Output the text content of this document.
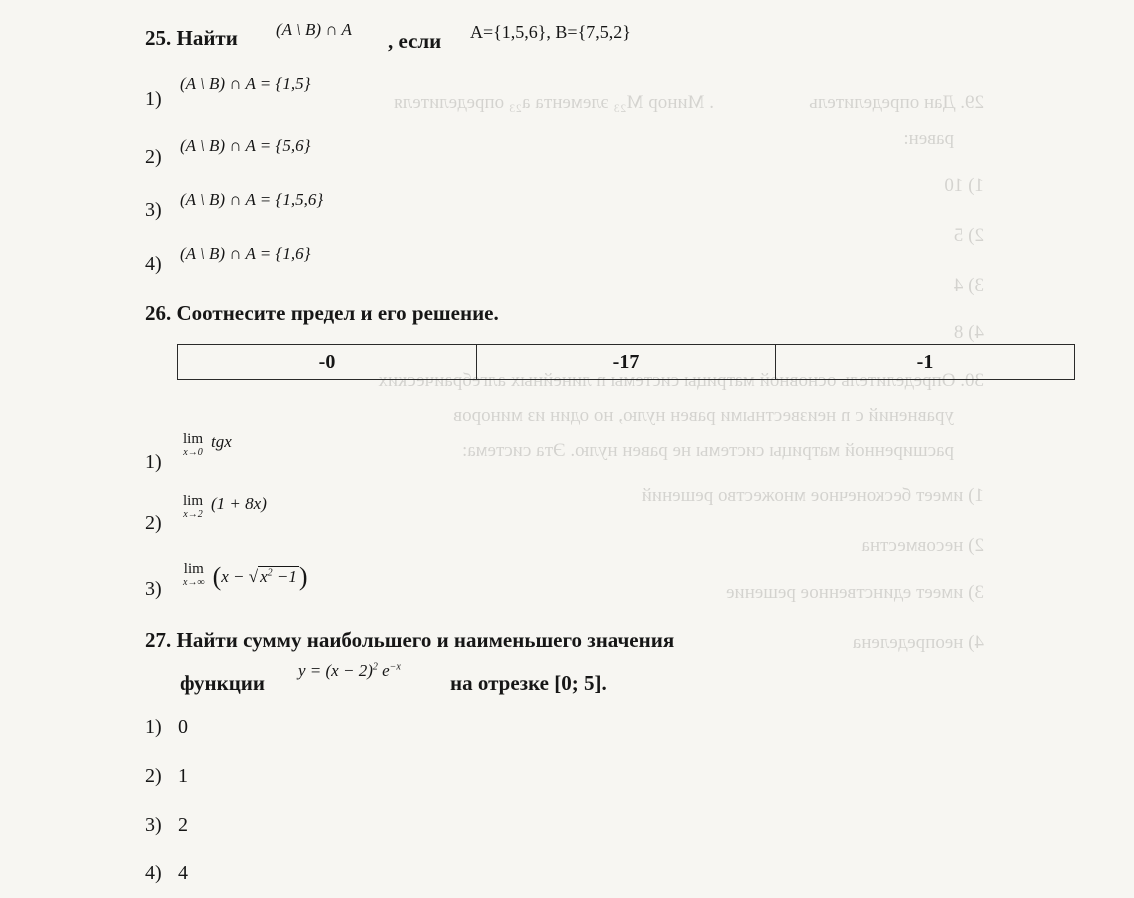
29. Дан определитель
. Минор М₂₃ элемента а₂₃ определителя
равен:
1) 10
2) 5
3) 4
4) 8
30. Определитель основной матрицы системы n линейных алгебраических
уравнений с n неизвестными равен нулю, но один из миноров
расширенной матрицы системы не равен нулю. Эта система:
1) имеет бесконечное множество решений
2) несовместна
3) имеет единственное решение
4) неопределена
25. Найти (A \ B) ∩ A , если A={1,5,6}, B={7,5,2}
1)
(A \ B) ∩ A = {1,5}
2)
(A \ B) ∩ A = {5,6}
3) (A \ B) ∩ A = {1,5,6}
4) (A \ B) ∩ A = {1,6}
26. Соотнесите предел и его решение.
-0	-17	-1
1)
lim
x→0
tgx
2)
lim
x→2
(1 + 8x)
3)
lim
x→∞ (x − √ $x^2 -1$)
27. Найти сумму наибольшего и наименьшего значения
функции
$y = (x - 2)^2$ $e^{-x}$
на отрезке [0; 5].
1) 0
2) 1
3) 2
4) 4
